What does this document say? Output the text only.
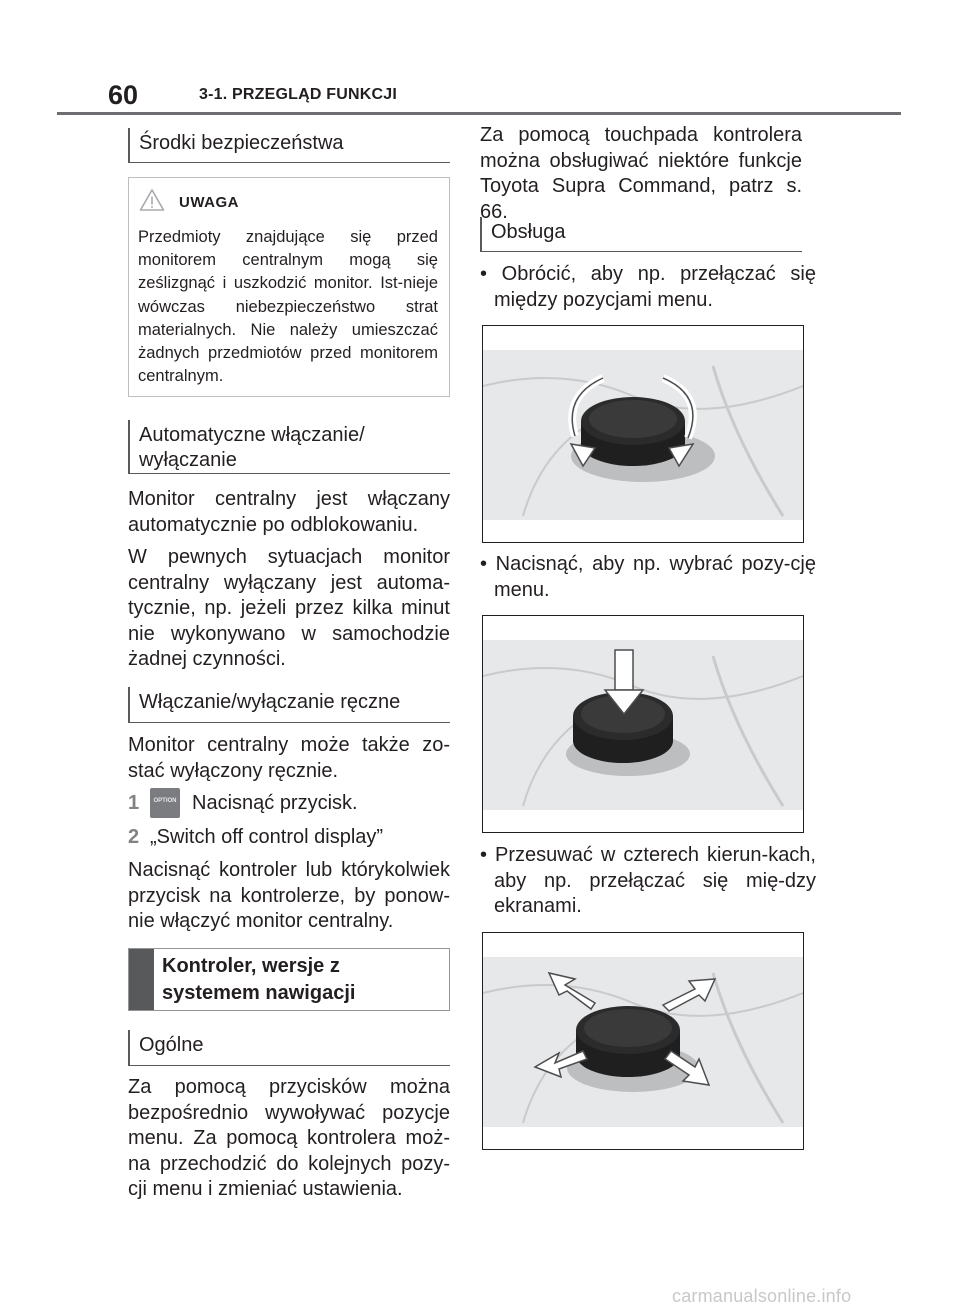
60	3-1. PRZEGLĄD FUNKCJI
Środki bezpieczeństwa
UWAGA
Przedmioty znajdujące się przed monitorem centralnym mogą się ześlizgnąć i uszkodzić monitor. Ist-nieje wówczas niebezpieczeństwo strat materialnych. Nie należy umieszczać żadnych przedmiotów przed monitorem centralnym.
Automatyczne włączanie/ wyłączanie
Monitor centralny jest włączany automatycznie po odblokowaniu.
W pewnych sytuacjach monitor centralny wyłączany jest automa-tycznie, np. jeżeli przez kilka minut nie wykonywano w samochodzie żadnej czynności.
Włączanie/wyłączanie ręczne
Monitor centralny może także zo-stać wyłączony ręcznie.
1	OPTION Nacisnąć przycisk.
2 „Switch off control display”
Nacisnąć kontroler lub którykolwiek przycisk na kontrolerze, by ponow-nie włączyć monitor centralny.
Kontroler, wersje z systemem nawigacji
Ogólne
Za pomocą przycisków można bezpośrednio wywoływać pozycje menu. Za pomocą kontrolera moż-na przechodzić do kolejnych pozy-cji menu i zmieniać ustawienia.
Za pomocą touchpada kontrolera można obsługiwać niektóre funkcje Toyota Supra Command, patrz s. 66.
Obsługa
• Obrócić, aby np. przełączać się między pozycjami menu.
• Nacisnąć, aby np. wybrać pozy-cję menu.
• Przesuwać w czterech kierun-kach, aby np. przełączać się mię-dzy ekranami.
carmanualsonline.info
